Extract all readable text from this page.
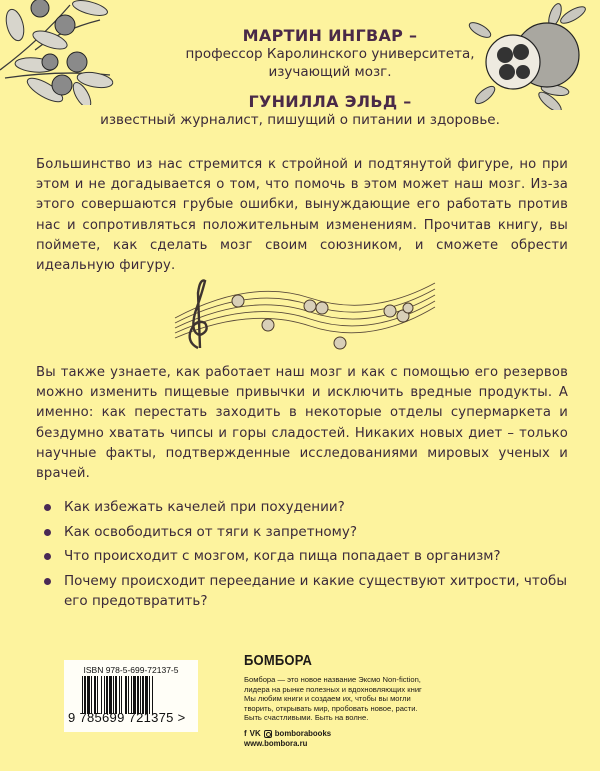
МАРТИН ИНГВАР –
профессор Каролинского университета,
изучающий мозг.
ГУНИЛЛА ЭЛЬД –
известный журналист, пишущий о питании и здоровье.

Большинство из нас стремится к стройной и подтянутой фигуре, но при этом и не догадывается о том, что помочь в этом может наш мозг. Из-за этого совершаются грубые ошибки, вынуждающие его работать против нас и сопротивляться положительным изменениям. Прочитав книгу, вы поймете, как сделать мозг своим союзником, и сможете обрести идеальную фигуру.

Вы также узнаете, как работает наш мозг и как с помощью его резервов можно изменить пищевые привычки и исключить вредные продукты. А именно: как перестать заходить в некоторые отделы супермаркета и бездумно хватать чипсы и горы сладостей. Никаких новых диет – только научные факты, подтвержденные исследованиями мировых ученых и врачей.

Как избежать качелей при похудении?
Как освободиться от тяги к запретному?
Что происходит с мозгом, когда пища попадает в организм?
Почему происходит переедание и какие существуют хитрости, чтобы его предотвратить?
ISBN 978-5-699-72137-5
9 785699 721375 >
БОМБОРА
Бомбора — это новое название Эксмо Non-fiction,
лидера на рынке полезных и вдохновляющих книг
Мы любим книги и создаем их, чтобы вы могли
творить, открывать мир, пробовать новое, расти.
Быть счастливыми. Быть на волне.
f VK bomborabooks
www.bombora.ru
